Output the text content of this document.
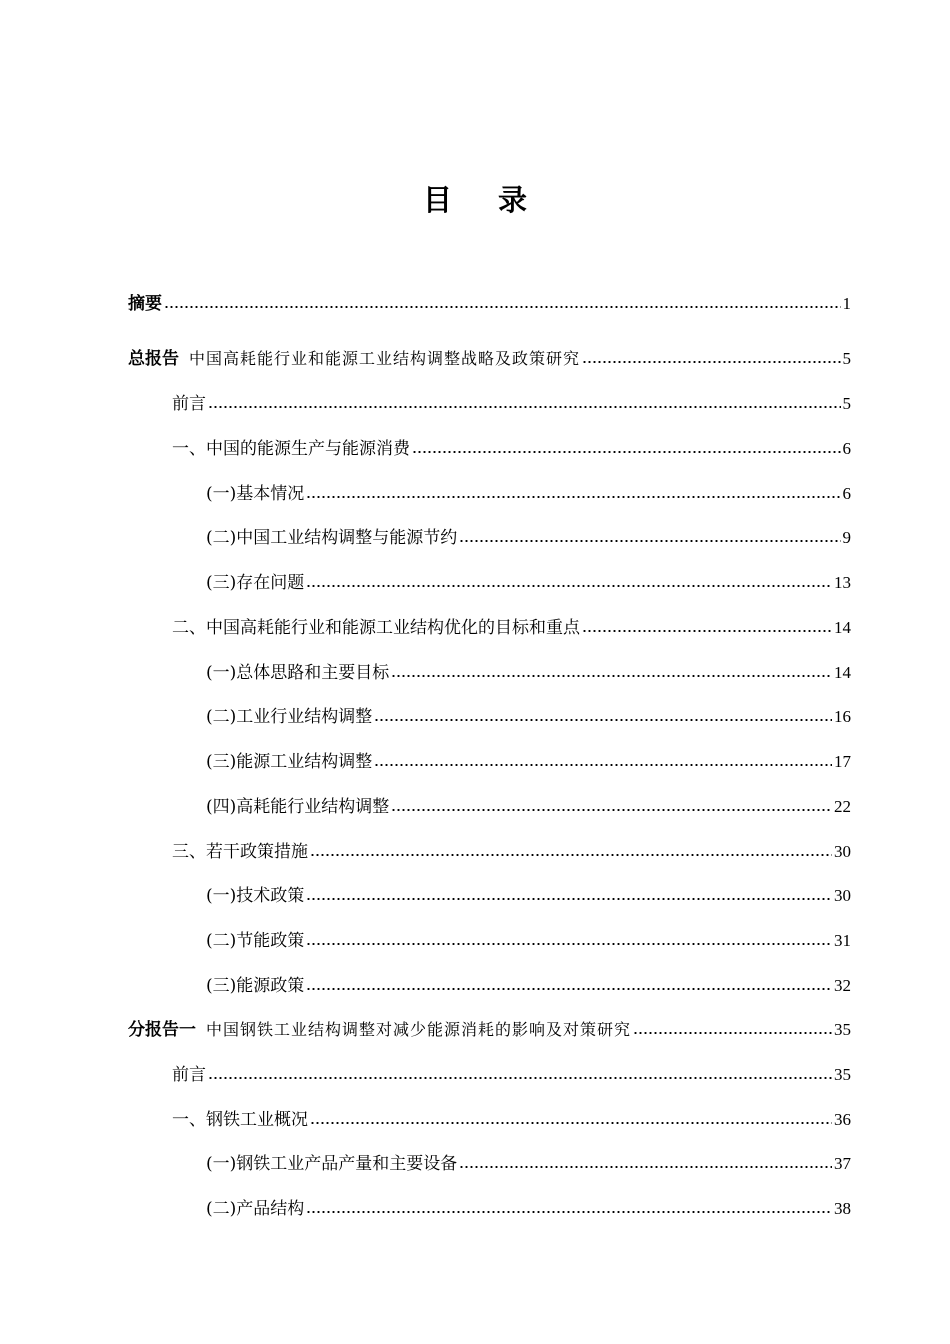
目 录
摘要	1
总报告 中国高耗能行业和能源工业结构调整战略及政策研究	5
前言	5
一、中国的能源生产与能源消费	6
(一)基本情况	6
(二)中国工业结构调整与能源节约	9
(三)存在问题	13
二、中国高耗能行业和能源工业结构优化的目标和重点	14
(一)总体思路和主要目标	14
(二)工业行业结构调整	16
(三)能源工业结构调整	17
(四)高耗能行业结构调整	22
三、若干政策措施	30
(一)技术政策	30
(二)节能政策	31
(三)能源政策	32
分报告一 中国钢铁工业结构调整对减少能源消耗的影响及对策研究	35
前言	35
一、钢铁工业概况	36
(一)钢铁工业产品产量和主要设备	37
(二)产品结构	38
